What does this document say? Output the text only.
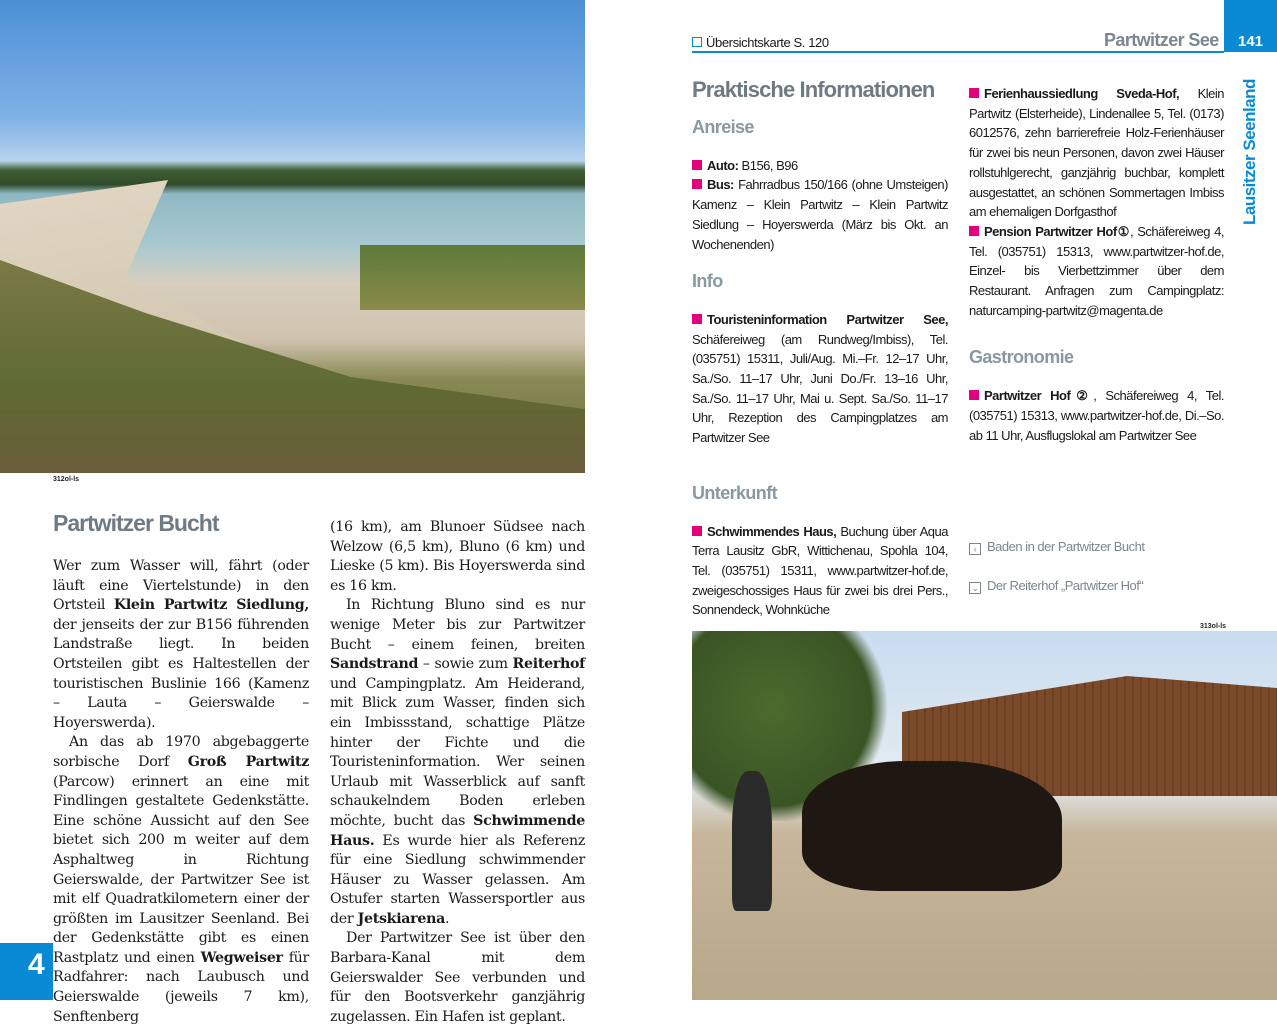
312ol-ls
Partwitzer Bucht

Wer zum Wasser will, fährt (oder läuft eine Viertelstunde) in den Ortsteil Klein Partwitz Siedlung, der jenseits der zur B156 führenden Landstraße liegt. In beiden Ortsteilen gibt es Haltestellen der touristischen Buslinie 166 (Kamenz – Lauta – Geierswalde – Hoyerswerda).

An das ab 1970 abgebaggerte sorbische Dorf Groß Partwitz (Parcow) erinnert an eine mit Findlingen gestaltete Gedenkstätte. Eine schöne Aussicht auf den See bietet sich 200 m weiter auf dem Asphaltweg in Richtung Geierswalde, der Partwitzer See ist mit elf Quadratkilometern einer der größten im Lausitzer Seenland. Bei der Gedenkstätte gibt es einen Rastplatz und einen Wegweiser für Radfahrer: nach Laubusch und Geierswalde (jeweils 7 km), Senftenberg

(16 km), am Blunoer Südsee nach Welzow (6,5 km), Bluno (6 km) und Lieske (5 km). Bis Hoyerswerda sind es 16 km.

In Richtung Bluno sind es nur wenige Meter bis zur Partwitzer Bucht – einem feinen, breiten Sandstrand – sowie zum Reiterhof und Campingplatz. Am Heiderand, mit Blick zum Wasser, finden sich ein Imbissstand, schattige Plätze hinter der Fichte und die Touristeninformation. Wer seinen Urlaub mit Wasserblick auf sanft schaukelndem Boden erleben möchte, bucht das Schwimmende Haus. Es wurde hier als Referenz für eine Siedlung schwimmender Häuser zu Wasser gelassen. Am Ostufer starten Wassersportler aus der Jetskiarena.

Der Partwitzer See ist über den Barbara-Kanal mit dem Geierswalder See verbunden und für den Bootsverkehr ganzjährig zugelassen. Ein Hafen ist geplant.

4
Übersichtskarte S. 120	Partwitzer See	141
Lausitzer Seenland
Praktische Informationen
Anreise
Auto: B156, B96
Bus: Fahrradbus 150/166 (ohne Umsteigen) Kamenz – Klein Partwitz – Klein Partwitz Siedlung – Hoyerswerda (März bis Okt. an Wochenenden)
Info
Touristeninformation Partwitzer See, Schäfereiweg (am Rundweg/Imbiss), Tel. (035751) 15311, Juli/Aug. Mi.–Fr. 12–17 Uhr, Sa./So. 11–17 Uhr, Juni Do./Fr. 13–16 Uhr, Sa./So. 11–17 Uhr, Mai u. Sept. Sa./So. 11–17 Uhr, Rezeption des Campingplatzes am Partwitzer See
Unterkunft
Schwimmendes Haus, Buchung über Aqua Terra Lausitz GbR, Wittichenau, Spohla 104, Tel. (035751) 15311, www.partwitzer-hof.de, zweigeschossiges Haus für zwei bis drei Pers., Sonnendeck, Wohnküche
Ferienhaussiedlung Sveda-Hof, Klein Partwitz (Elsterheide), Lindenallee 5, Tel. (0173) 6012576, zehn barrierefreie Holz-Ferienhäuser für zwei bis neun Personen, davon zwei Häuser rollstuhlgerecht, ganzjährig buchbar, komplett ausgestattet, an schönen Sommertagen Imbiss am ehemaligen Dorfgasthof
Pension Partwitzer Hof①, Schäfereiweg 4, Tel. (035751) 15313, www.partwitzer-hof.de, Einzel- bis Vierbettzimmer über dem Restaurant. Anfragen zum Campingplatz: naturcamping-partwitz@magenta.de
Gastronomie
Partwitzer Hof②, Schäfereiweg 4, Tel. (035751) 15313, www.partwitzer-hof.de, Di.–So. ab 11 Uhr, Ausflugslokal am Partwitzer See
‹ Baden in der Partwitzer Bucht
⌄ Der Reiterhof „Partwitzer Hof“
313ol-ls
